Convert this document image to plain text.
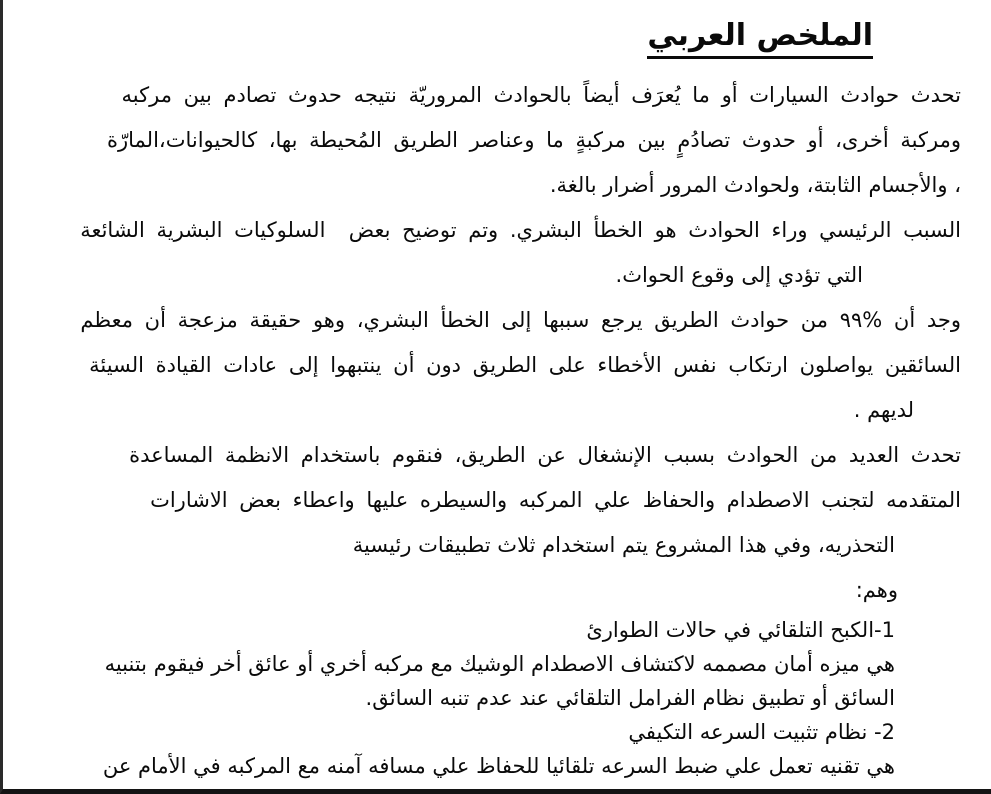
الملخص العربي
تحدث حوادث السيارات أو ما يُعرَف أيضاً بالحوادث المروريّة نتيجه حدوث تصادم بين مركبه
ومركبة أخرى، أو حدوث تصادُمٍ بين مركبةٍ ما وعناصر الطريق المُحيطة بها، كالحيوانات،المارّة
، والأجسام الثابتة، ولحوادث المرور أضرار بالغة.
السبب الرئيسي وراء الحوادث هو الخطأ البشري. وتم توضيح بعض  السلوكيات البشرية الشائعة
التي تؤدي إلى وقوع الحواث.
وجد أن %٩٩ من حوادث الطريق يرجع سببها إلى الخطأ البشري، وهو حقيقة مزعجة أن معظم
السائقين يواصلون ارتكاب نفس الأخطاء على الطريق دون أن ينتبهوا إلى عادات القيادة السيئة
لديهم .
تحدث العديد من الحوادث بسبب الإنشغال عن الطريق، فنقوم باستخدام الانظمة المساعدة
المتقدمه لتجنب الاصطدام والحفاظ علي المركبه والسيطره عليها واعطاء بعض الاشارات
التحذريه، وفي هذا المشروع يتم استخدام ثلاث تطبيقات رئيسية
وهم:
1-الكبح التلقائي في حالات الطوارئ
هي ميزه أمان مصممه لاكتشاف الاصطدام الوشيك مع مركبه أخري أو عائق أخر فيقوم بتنبيه
السائق أو تطبيق نظام الفرامل التلقائي عند عدم تنبه السائق.
2- نظام تثبيت السرعه التكيفي
هي تقنيه تعمل علي ضبط السرعه تلقائيا للحفاظ علي مسافه آمنه مع المركبه في الأمام عن
